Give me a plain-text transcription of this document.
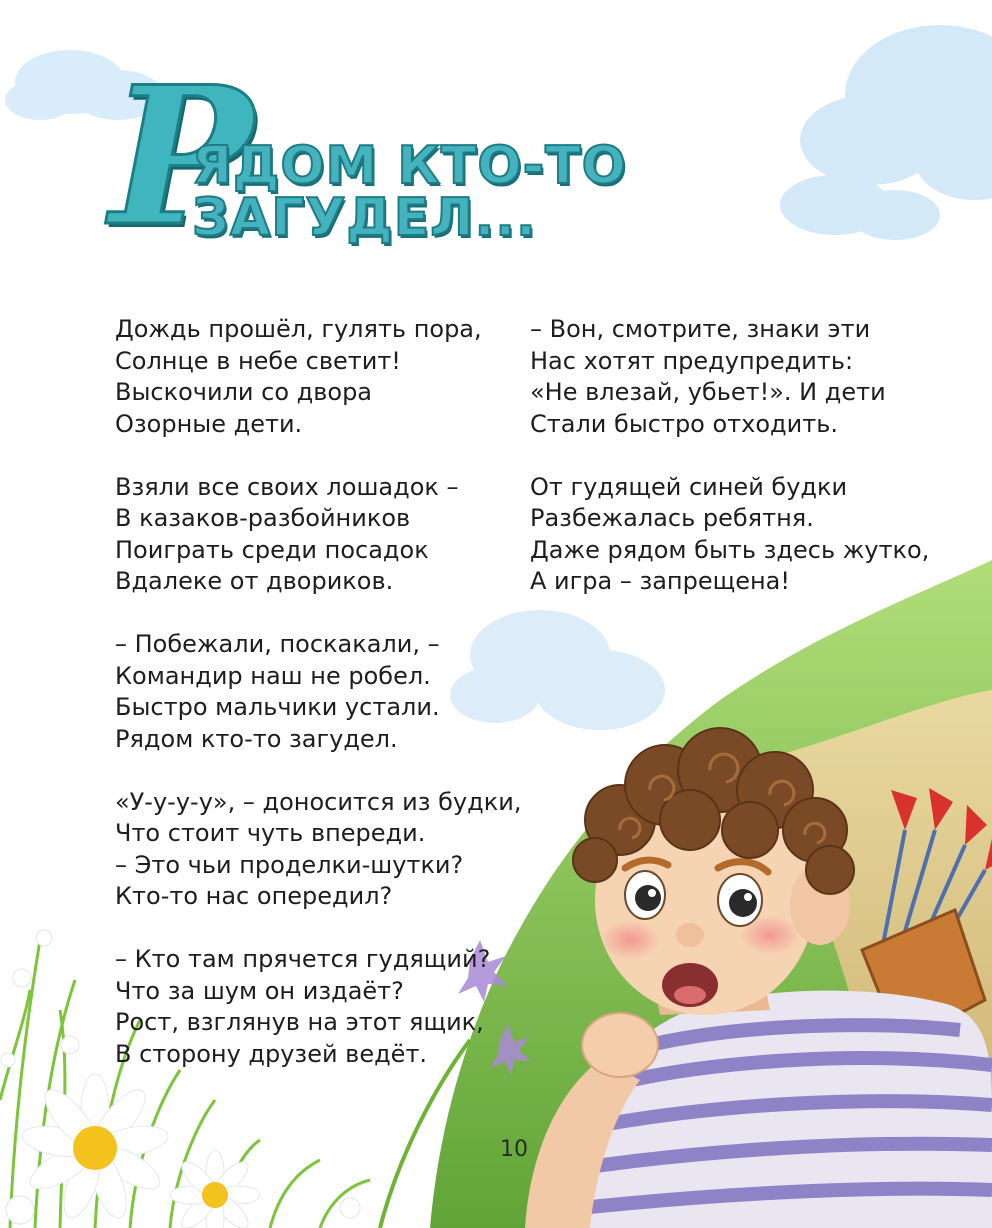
Р
ЯДОМ КТО-ТО ЗАГУДЕЛ...
Дождь прошёл, гулять пора,
Солнце в небе светит!
Выскочили со двора
Озорные дети.
Взяли все своих лошадок –
В казаков-разбойников
Поиграть среди посадок
Вдалеке от двориков.
– Побежали, поскакали, –
Командир наш не робел.
Быстро мальчики устали.
Рядом кто-то загудел.
«У-у-у-у», – доносится из будки,
Что стоит чуть впереди.
– Это чьи проделки-шутки?
Кто-то нас опередил?
– Кто там прячется гудящий?
Что за шум он издаёт?
Рост, взглянув на этот ящик,
В сторону друзей ведёт.
– Вон, смотрите, знаки эти
Нас хотят предупредить:
«Не влезай, убьет!». И дети
Стали быстро отходить.
От гудящей синей будки
Разбежалась ребятня.
Даже рядом быть здесь жутко,
А игра – запрещена!
10
